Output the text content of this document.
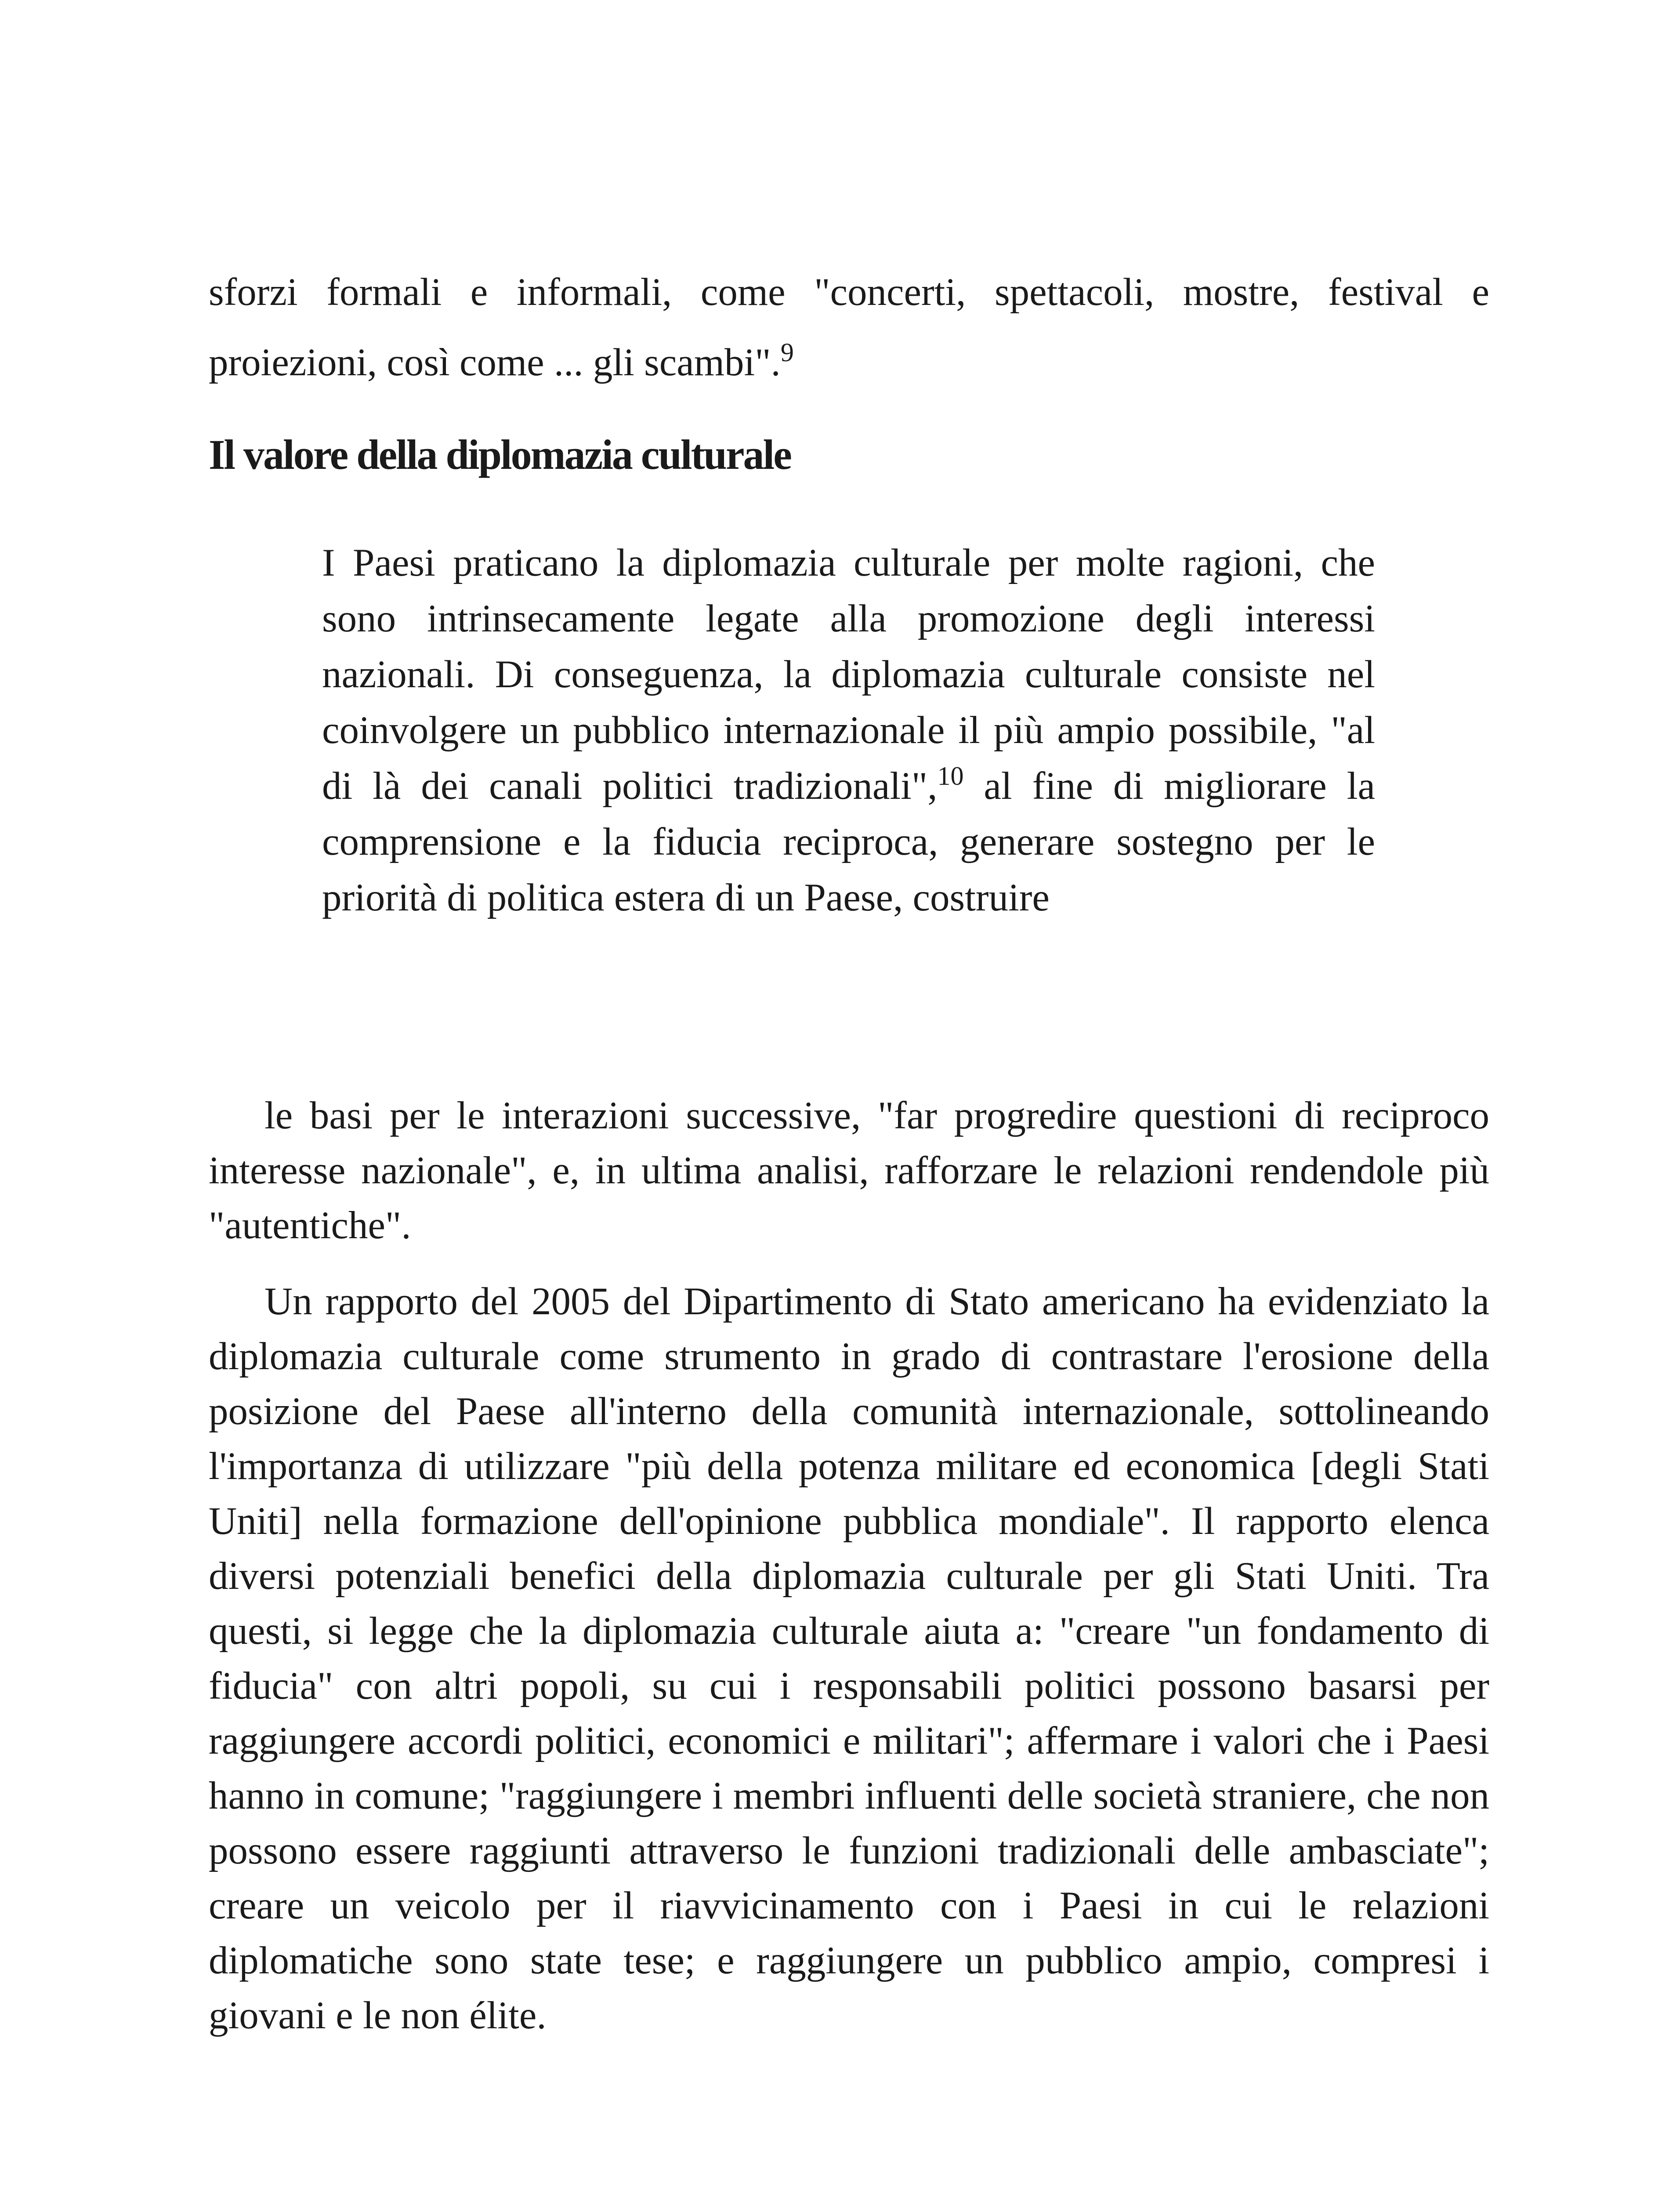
sforzi formali e informali, come "concerti, spettacoli, mostre, festival e proiezioni, così come ... gli scambi".$^9$

Il valore della diplomazia culturale

I Paesi praticano la diplomazia culturale per molte ragioni, che sono intrinsecamente legate alla promozione degli interessi nazionali. Di conseguenza, la diplomazia culturale consiste nel coinvolgere un pubblico internazionale il più ampio possibile, "al di là dei canali politici tradizionali",$^{10}$ al fine di migliorare la comprensione e la fiducia reciproca, generare sostegno per le priorità di politica estera di un Paese, costruire

le basi per le interazioni successive, "far progredire questioni di reciproco interesse nazionale", e, in ultima analisi, rafforzare le relazioni rendendole più "autentiche".

Un rapporto del 2005 del Dipartimento di Stato americano ha evidenziato la diplomazia culturale come strumento in grado di contrastare l'erosione della posizione del Paese all'interno della comunità internazionale, sottolineando l'importanza di utilizzare "più della potenza militare ed economica [degli Stati Uniti] nella formazione dell'opinione pubblica mondiale". Il rapporto elenca diversi potenziali benefici della diplomazia culturale per gli Stati Uniti. Tra questi, si legge che la diplomazia culturale aiuta a: "creare "un fondamento di fiducia" con altri popoli, su cui i responsabili politici possono basarsi per raggiungere accordi politici, economici e militari"; affermare i valori che i Paesi hanno in comune; "raggiungere i membri influenti delle società straniere, che non possono essere raggiunti attraverso le funzioni tradizionali delle ambasciate"; creare un veicolo per il riavvicinamento con i Paesi in cui le relazioni diplomatiche sono state tese; e raggiungere un pubblico ampio, compresi i giovani e le non élite.
